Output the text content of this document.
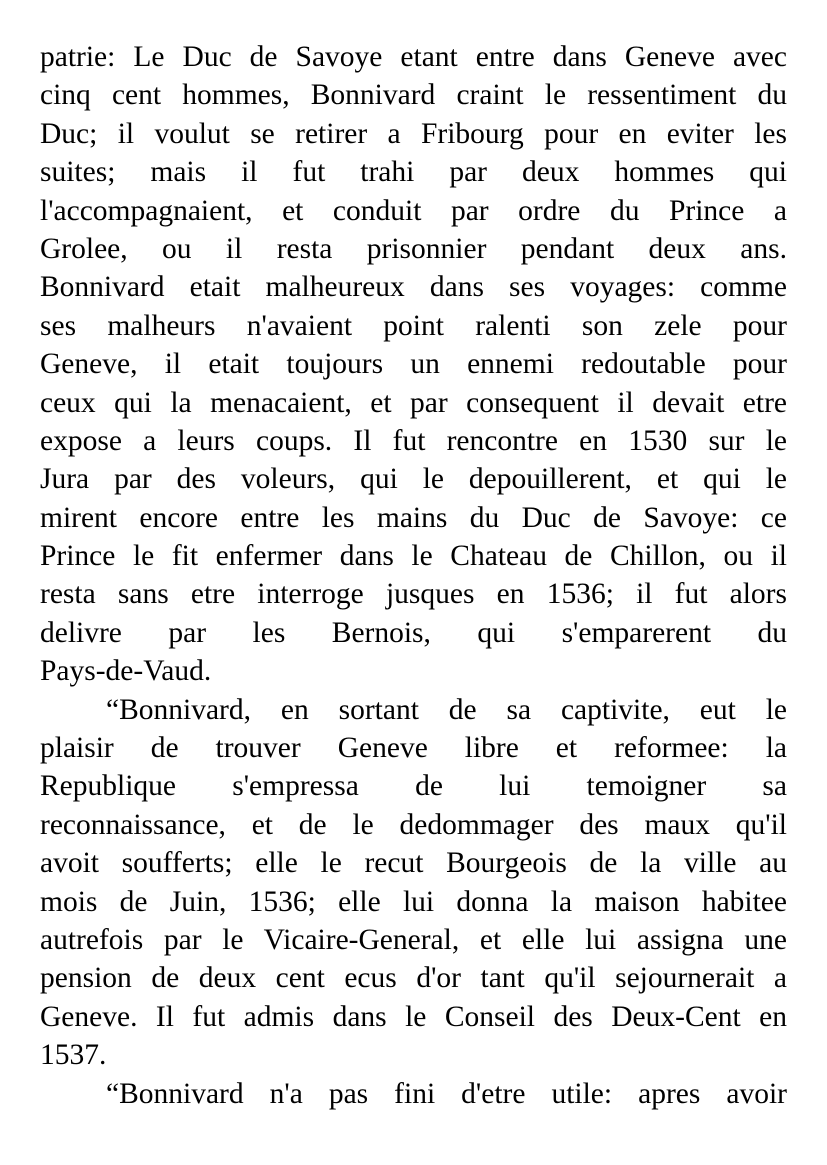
patrie: Le Duc de Savoye etant entre dans Geneve avec
cinq cent hommes, Bonnivard craint le ressentiment du
Duc; il voulut se retirer a Fribourg pour en eviter les
suites; mais il fut trahi par deux hommes qui
l'accompagnaient, et conduit par ordre du Prince a
Grolee, ou il resta prisonnier pendant deux ans.
Bonnivard etait malheureux dans ses voyages: comme
ses malheurs n'avaient point ralenti son zele pour
Geneve, il etait toujours un ennemi redoutable pour
ceux qui la menacaient, et par consequent il devait etre
expose a leurs coups. Il fut rencontre en 1530 sur le
Jura par des voleurs, qui le depouillerent, et qui le
mirent encore entre les mains du Duc de Savoye: ce
Prince le fit enfermer dans le Chateau de Chillon, ou il
resta sans etre interroge jusques en 1536; il fut alors
delivre par les Bernois, qui s'emparerent du
Pays-de-Vaud.
“Bonnivard, en sortant de sa captivite, eut le
plaisir de trouver Geneve libre et reformee: la
Republique s'empressa de lui temoigner sa
reconnaissance, et de le dedommager des maux qu'il
avoit soufferts; elle le recut Bourgeois de la ville au
mois de Juin, 1536; elle lui donna la maison habitee
autrefois par le Vicaire-General, et elle lui assigna une
pension de deux cent ecus d'or tant qu'il sejournerait a
Geneve. Il fut admis dans le Conseil des Deux-Cent en
1537.
“Bonnivard n'a pas fini d'etre utile: apres avoir
